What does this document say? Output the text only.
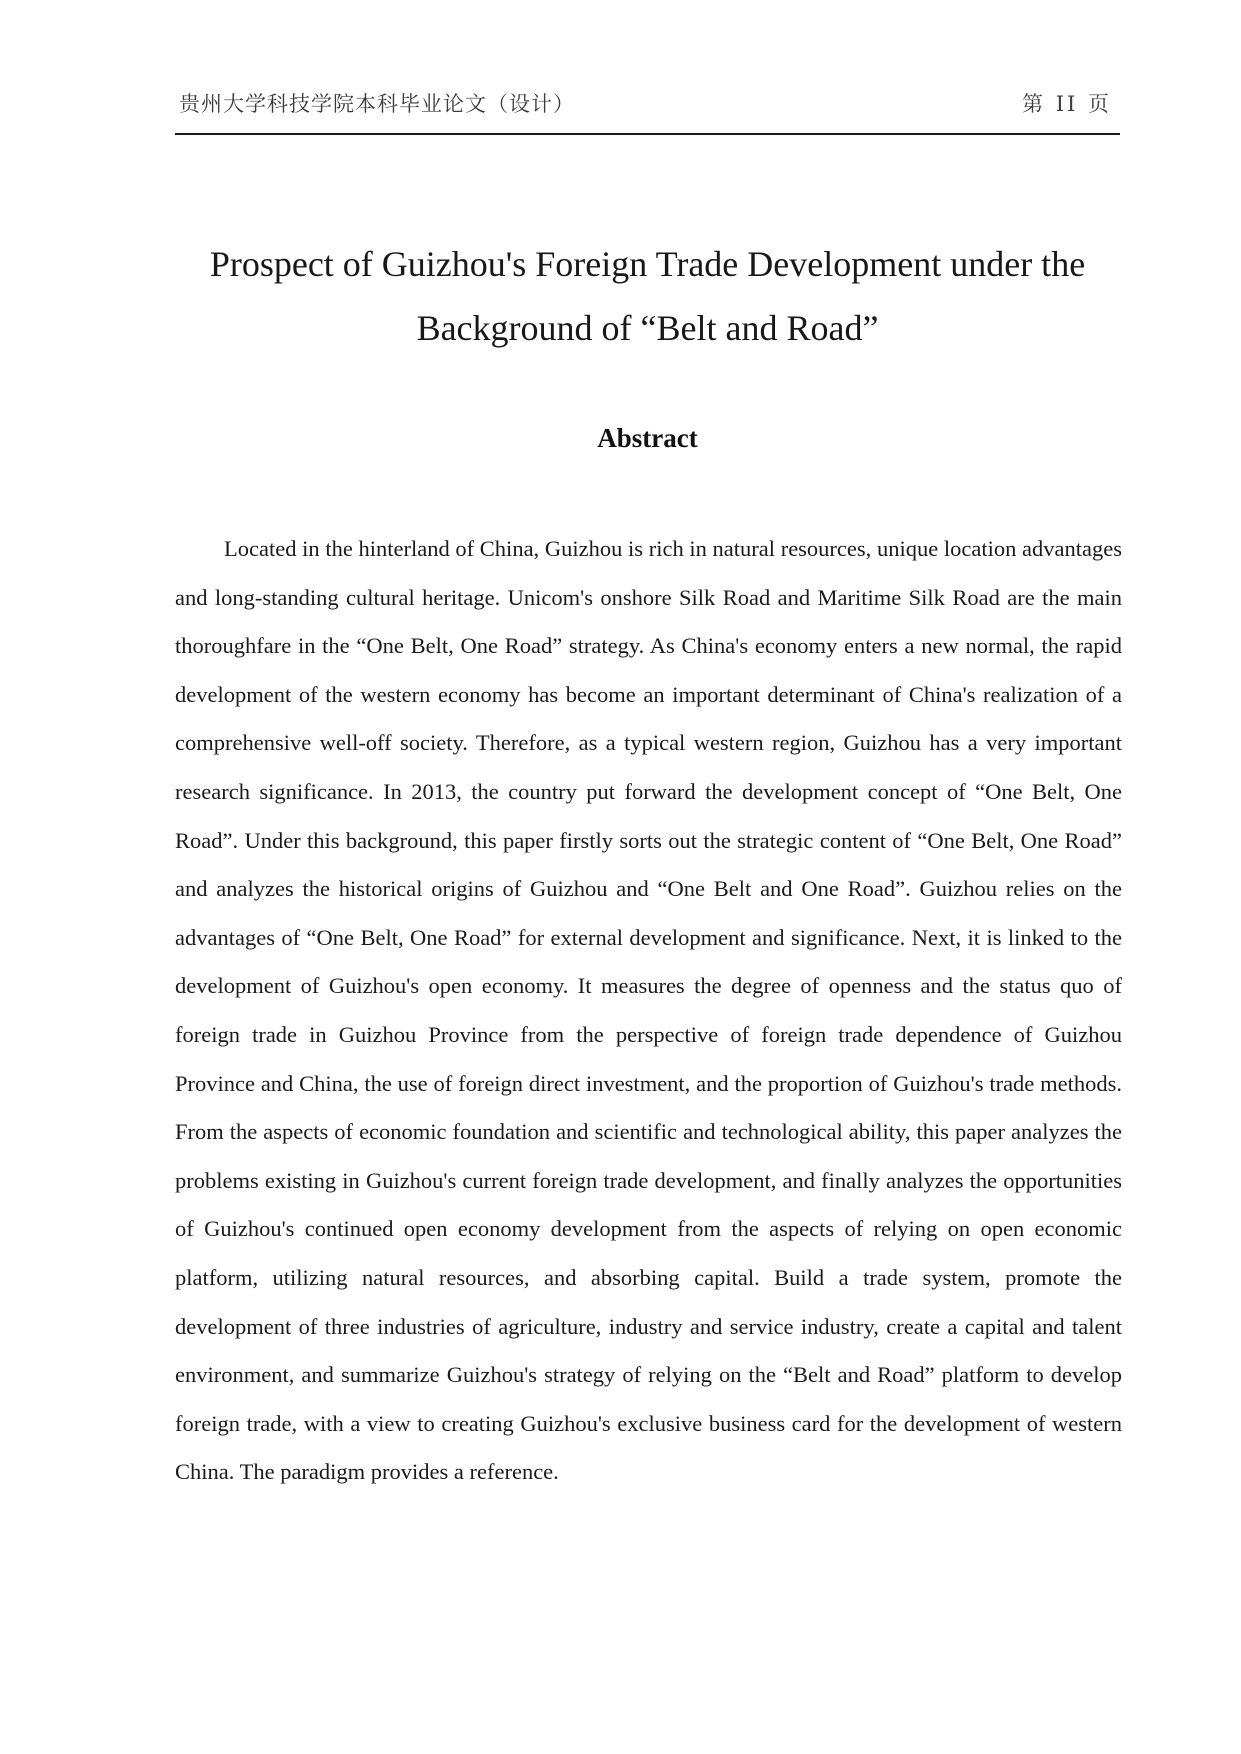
贵州大学科技学院本科毕业论文（设计）	第 II 页
Prospect of Guizhou's Foreign Trade Development under the
Background of “Belt and Road”
Abstract

Located in the hinterland of China, Guizhou is rich in natural resources, unique location advantages and long-standing cultural heritage. Unicom's onshore Silk Road and Maritime Silk Road are the main thoroughfare in the “One Belt, One Road” strategy. As China's economy enters a new normal, the rapid development of the western economy has become an important determinant of China's realization of a comprehensive well-off society. Therefore, as a typical western region, Guizhou has a very important research significance. In 2013, the country put forward the development concept of “One Belt, One Road”. Under this background, this paper firstly sorts out the strategic content of “One Belt, One Road” and analyzes the historical origins of Guizhou and “One Belt and One Road”. Guizhou relies on the advantages of “One Belt, One Road” for external development and significance. Next, it is linked to the development of Guizhou's open economy. It measures the degree of openness and the status quo of foreign trade in Guizhou Province from the perspective of foreign trade dependence of Guizhou Province and China, the use of foreign direct investment, and the proportion of Guizhou's trade methods. From the aspects of economic foundation and scientific and technological ability, this paper analyzes the problems existing in Guizhou's current foreign trade development, and finally analyzes the opportunities of Guizhou's continued open economy development from the aspects of relying on open economic platform, utilizing natural resources, and absorbing capital. Build a trade system, promote the development of three industries of agriculture, industry and service industry, create a capital and talent environment, and summarize Guizhou's strategy of relying on the “Belt and Road” platform to develop foreign trade, with a view to creating Guizhou's exclusive business card for the development of western China. The paradigm provides a reference.
